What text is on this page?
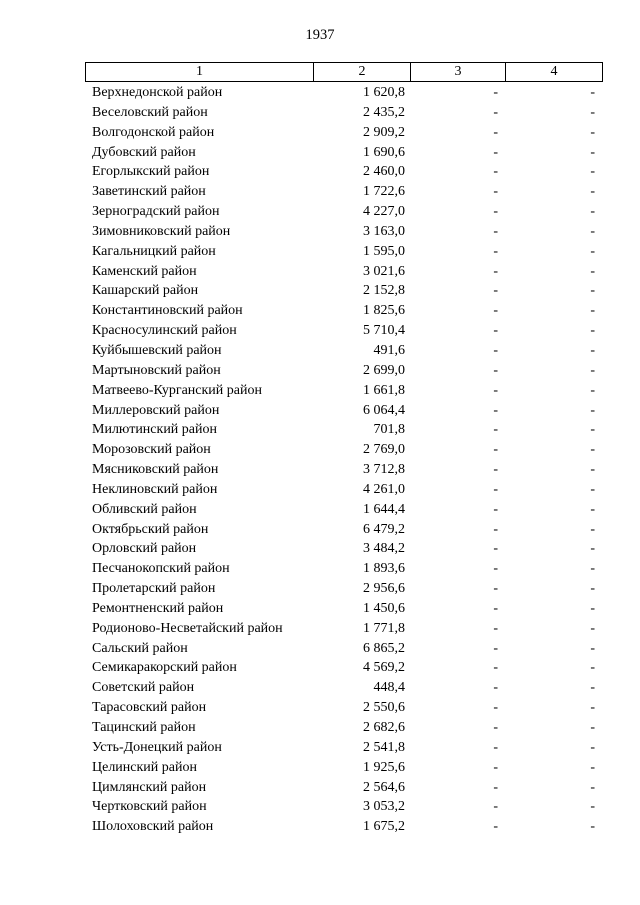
1937
1	2	3	4
Верхнедонской район	1 620,8	-	-
Веселовский район	2 435,2	-	-
Волгодонской район	2 909,2	-	-
Дубовский район	1 690,6	-	-
Егорлыкский район	2 460,0	-	-
Заветинский район	1 722,6	-	-
Зерноградский район	4 227,0	-	-
Зимовниковский район	3 163,0	-	-
Кагальницкий район	1 595,0	-	-
Каменский район	3 021,6	-	-
Кашарский район	2 152,8	-	-
Константиновский район	1 825,6	-	-
Красносулинский район	5 710,4	-	-
Куйбышевский район	491,6	-	-
Мартыновский район	2 699,0	-	-
Матвеево-Курганский район	1 661,8	-	-
Миллеровский район	6 064,4	-	-
Милютинский район	701,8	-	-
Морозовский район	2 769,0	-	-
Мясниковский район	3 712,8	-	-
Неклиновский район	4 261,0	-	-
Обливский район	1 644,4	-	-
Октябрьский район	6 479,2	-	-
Орловский район	3 484,2	-	-
Песчанокопский район	1 893,6	-	-
Пролетарский район	2 956,6	-	-
Ремонтненский район	1 450,6	-	-
Родионово-Несветайский район	1 771,8	-	-
Сальский район	6 865,2	-	-
Семикаракорский район	4 569,2	-	-
Советский район	448,4	-	-
Тарасовский район	2 550,6	-	-
Тацинский район	2 682,6	-	-
Усть-Донецкий район	2 541,8	-	-
Целинский район	1 925,6	-	-
Цимлянский район	2 564,6	-	-
Чертковский район	3 053,2	-	-
Шолоховский район	1 675,2	-	-
